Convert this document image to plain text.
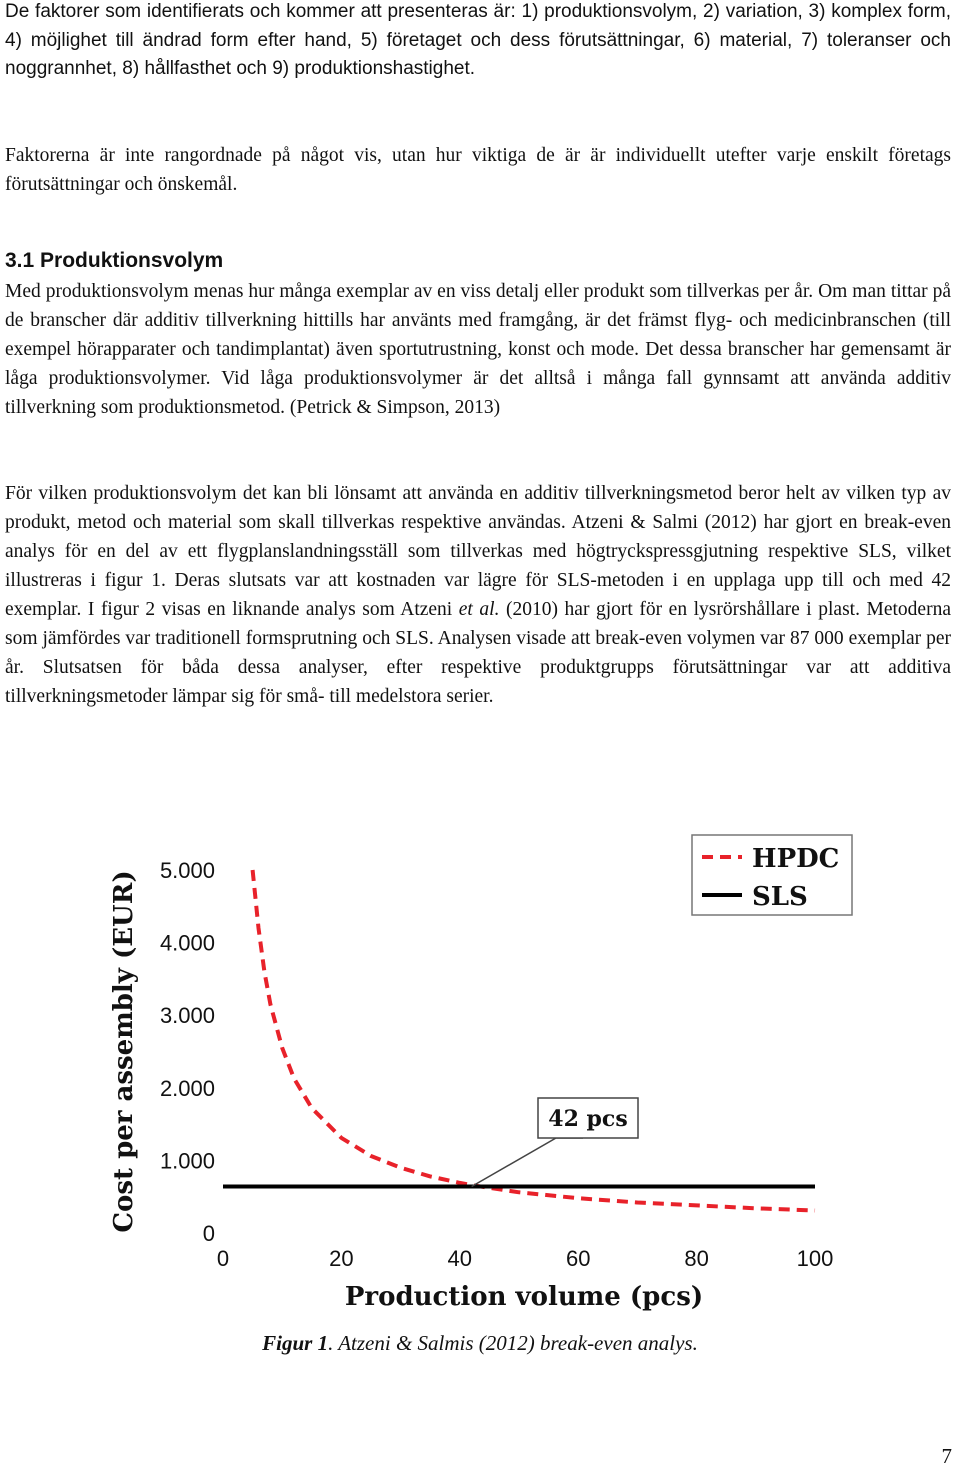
De faktorer som identifierats och kommer att presenteras är: 1) produktionsvolym, 2) variation, 3) komplex form, 4) möjlighet till ändrad form efter hand, 5) företaget och dess förutsättningar, 6) material, 7) toleranser och noggrannhet, 8) hållfasthet och 9) produktionshastighet.

Faktorerna är inte rangordnade på något vis, utan hur viktiga de är är individuellt utefter varje enskilt företags förutsättningar och önskemål.

3.1 Produktionsvolym

Med produktionsvolym menas hur många exemplar av en viss detalj eller produkt som tillverkas per år. Om man tittar på de branscher där additiv tillverkning hittills har använts med framgång, är det främst flyg- och medicinbranschen (till exempel hörapparater och tandimplantat) även sportutrustning, konst och mode. Det dessa branscher har gemensamt är låga produktionsvolymer. Vid låga produktionsvolymer är det alltså i många fall gynnsamt att använda additiv tillverkning som produktionsmetod. (Petrick & Simpson, 2013)

För vilken produktionsvolym det kan bli lönsamt att använda en additiv tillverkningsmetod beror helt av vilken typ av produkt, metod och material som skall tillverkas respektive användas. Atzeni & Salmi (2012) har gjort en break-even analys för en del av ett flygplanslandningsställ som tillverkas med högtryckspressgjutning respektive SLS, vilket illustreras i figur 1. Deras slutsats var att kostnaden var lägre för SLS-metoden i en upplaga upp till och med 42 exemplar. I figur 2 visas en liknande analys som Atzeni et al. (2010) har gjort för en lysrörshållare i plast. Metoderna som jämfördes var traditionell formsprutning och SLS. Analysen visade att break-even volymen var 87 000 exemplar per år. Slutsatsen för båda dessa analyser, efter respektive produktgrupps förutsättningar var att additiva tillverkningsmetoder lämpar sig för små- till medelstora serier.

0
1.000
2.000
3.000
4.000
5.000
0	20	40	60	80	100
Production volume (pcs)
Cost per assembly (EUR)	42 pcs
HPDC
SLS

Figur 1. Atzeni & Salmis (2012) break-even analys.

7
